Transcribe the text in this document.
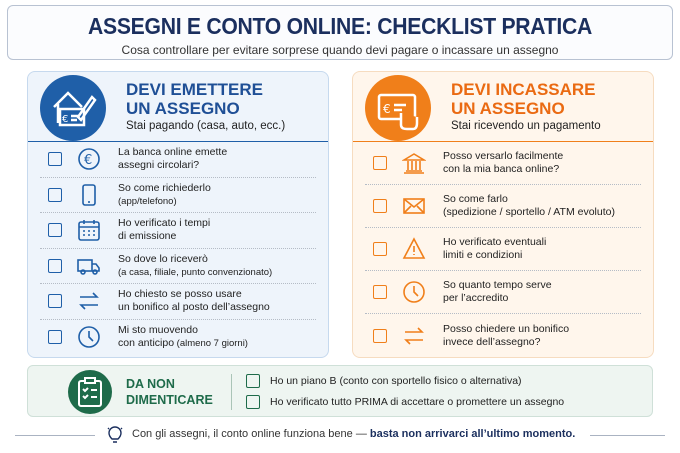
ASSEGNI E CONTO ONLINE: CHECKLIST PRATICA

Cosa controllare per evitare sorprese quando devi pagare o incassare un assegno

€
DEVI EMETTERE
UN ASSEGNO
Stai pagando (casa, auto, ecc.)
€
La banca online emette
assegni circolari?
So come richiederlo
(app/telefono)
Ho verificato i tempi
di emissione
So dove lo riceverò
(a casa, filiale, punto convenzionato)
Ho chiesto se posso usare
un bonifico al posto dell’assegno
Mi sto muovendo
con anticipo (almeno 7 giorni)
€
DEVI INCASSARE
UN ASSEGNO
Stai ricevendo un pagamento
Posso versarlo facilmente
con la mia banca online?
So come farlo
(spedizione / sportello / ATM evoluto)
Ho verificato eventuali
limiti e condizioni
So quanto tempo serve
per l’accredito
Posso chiedere un bonifico
invece dell’assegno?
DA NON
DIMENTICARE
Ho un piano B (conto con sportello fisico o alternativa)
Ho verificato tutto PRIMA di accettare o promettere un assegno
Con gli assegni, il conto online funziona bene — basta non arrivarci all’ultimo momento.
